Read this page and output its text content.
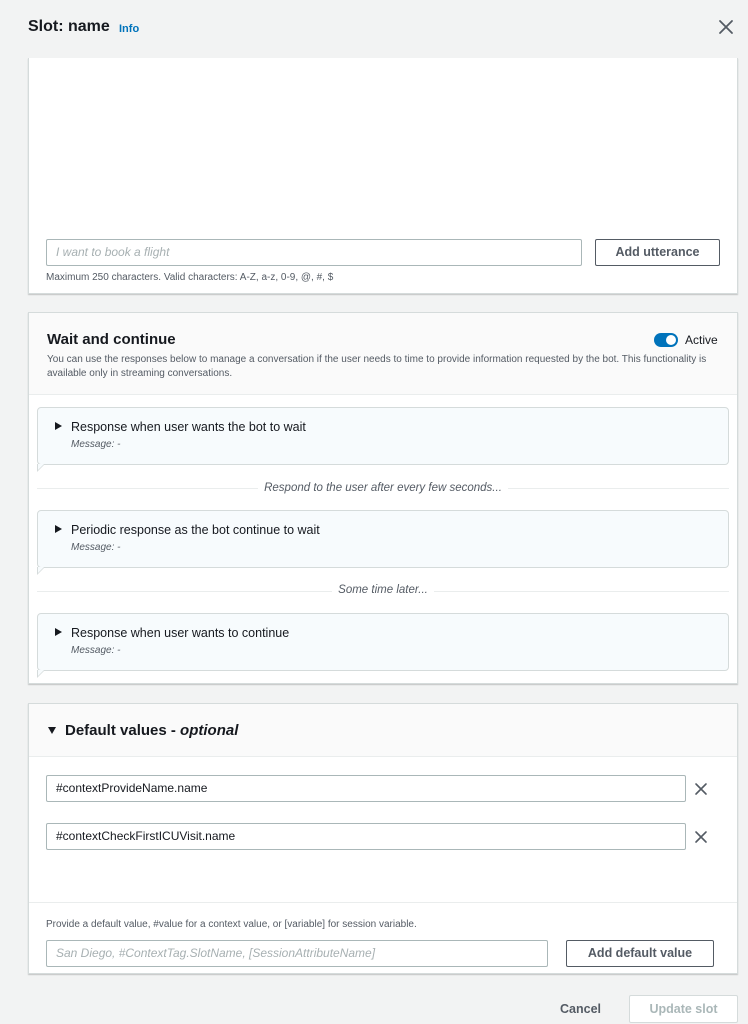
Slot: name Info
I want to book a flight	Add utterance
Maximum 250 characters. Valid characters: A-Z, a-z, 0-9, @, #, $
Wait and continue	Active
You can use the responses below to manage a conversation if the user needs to time to provide information requested by the bot. This functionality is available only in streaming conversations.
Response when user wants the bot to wait
Message: -
Respond to the user after every few seconds...
Periodic response as the bot continue to wait
Message: -
Some time later...
Response when user wants to continue
Message: -
Default values - optional
#contextProvideName.name
#contextCheckFirstICUVisit.name
Provide a default value, #value for a context value, or [variable] for session variable.
San Diego, #ContextTag.SlotName, [SessionAttributeName]	Add default value
Cancel	Update slot
